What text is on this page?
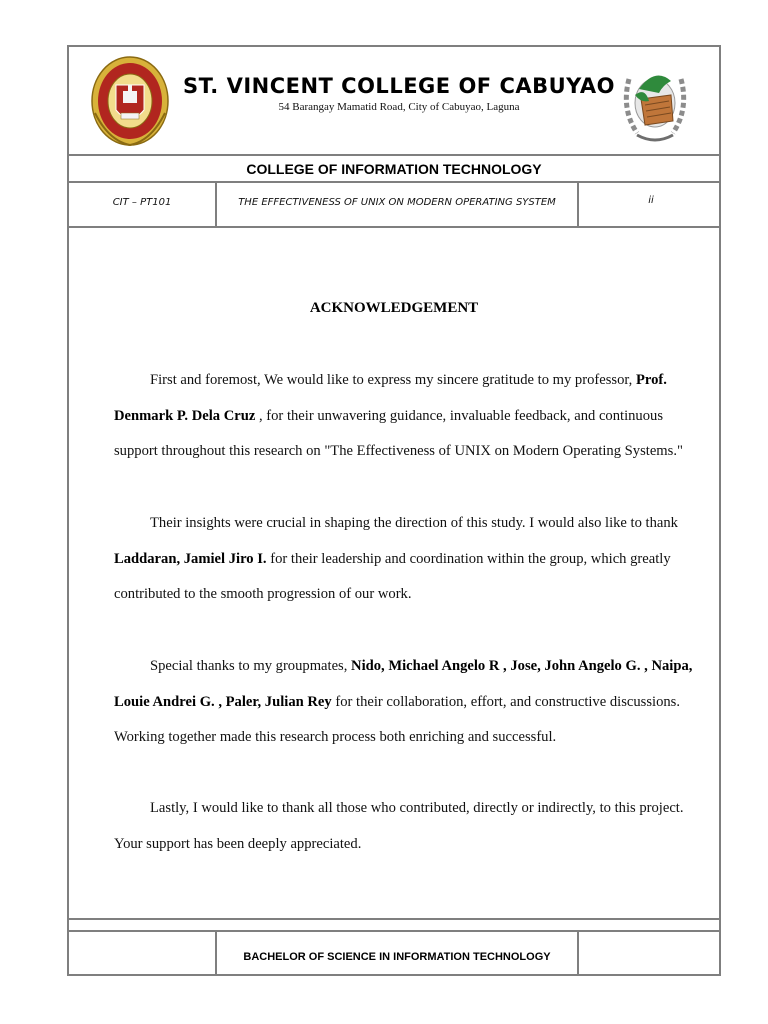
ST. VINCENT COLLEGE OF CABUYAO
54 Barangay Mamatid Road, City of Cabuyao, Laguna
COLLEGE OF INFORMATION TECHNOLOGY
CIT – PT101	THE EFFECTIVENESS OF UNIX ON MODERN OPERATING SYSTEM	ii
ACKNOWLEDGEMENT

First and foremost, We would like to express my sincere gratitude to my professor, Prof. Denmark P. Dela Cruz , for their unwavering guidance, invaluable feedback, and continuous support throughout this research on "The Effectiveness of UNIX on Modern Operating Systems."

Their insights were crucial in shaping the direction of this study. I would also like to thank Laddaran, Jamiel Jiro I. for their leadership and coordination within the group, which greatly contributed to the smooth progression of our work.

Special thanks to my groupmates, Nido, Michael Angelo R , Jose, John Angelo G. , Naipa, Louie Andrei G. , Paler, Julian Rey for their collaboration, effort, and constructive discussions. Working together made this research process both enriching and successful.

Lastly, I would like to thank all those who contributed, directly or indirectly, to this project. Your support has been deeply appreciated.

BACHELOR OF SCIENCE IN INFORMATION TECHNOLOGY
